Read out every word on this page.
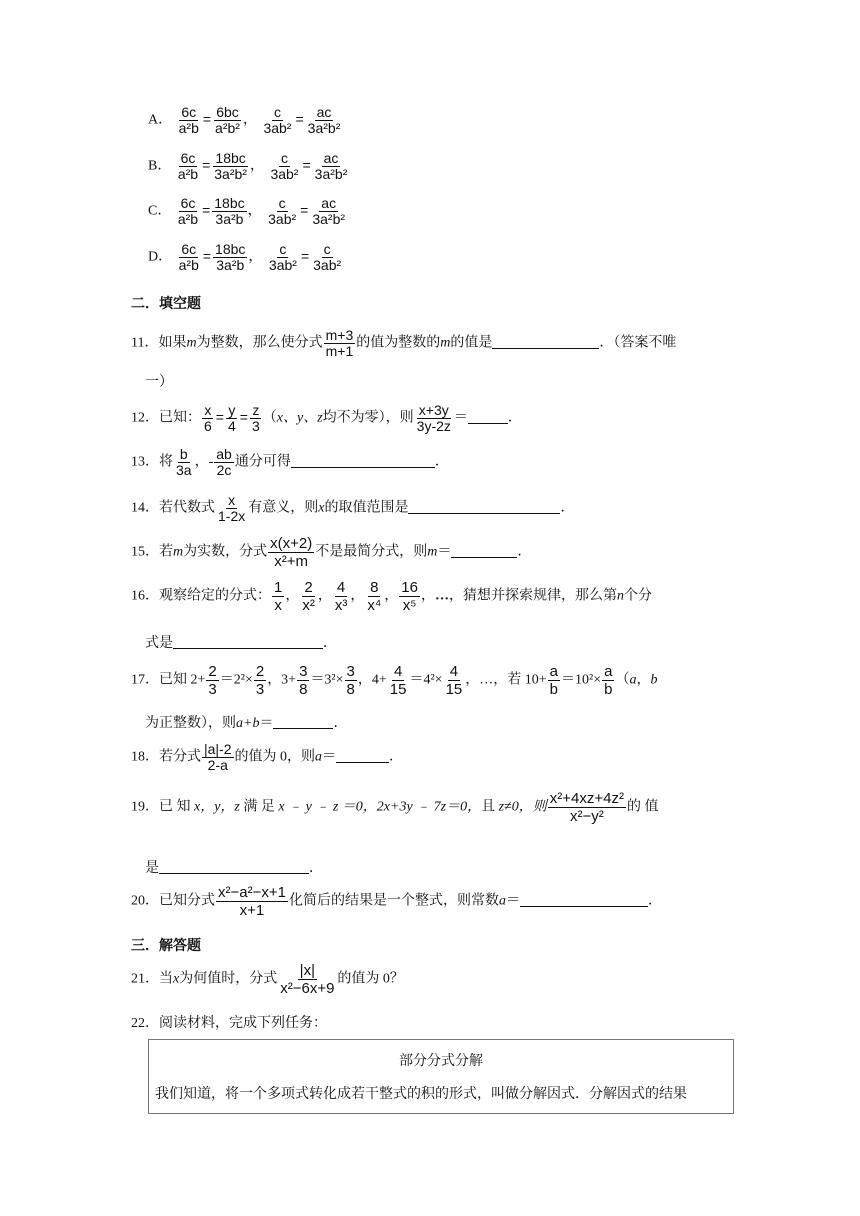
A． $\frac{6c}{\text{a²b}} = \frac{6bc}{\text{a²b²}}$ ， $\frac{c}{\text{3ab²}} = \frac{ac}{\text{3a²b²}}$
B． $\frac{6c}{\text{a²b}} = \frac{18bc}{\text{3a²b²}}$ ， $\frac{c}{\text{3ab²}} = \frac{ac}{\text{3a²b²}}$
C． $\frac{6c}{\text{a²b}} = \frac{18bc}{\text{3a²b}}$ ， $\frac{c}{\text{3ab²}} = \frac{ac}{\text{3a²b²}}$
D． $\frac{6c}{\text{a²b}} = \frac{18bc}{\text{3a²b}}$ ， $\frac{c}{\text{3ab²}} = \frac{c}{\text{3ab²}}$
二．填空题
11．如果m为整数，那么使分式 $\frac{m+3}{m+1}$ 的值为整数的m的值是	．（答案不唯
一）
12．已知： $\frac{x}{6} = \frac{y}{4} = \frac{z}{3} (x$、y、z均不为零），则 $\frac{x+3y}{3y-2z}$ ＝	．
13．将 $\frac{b}{3a}$ ，- $\frac{ab}{2c}$ 通分可得	．
14．若代数式 $\frac{x}{1-2x}$ 有意义，则x的取值范围是	．
15．若m为实数，分式 $\frac{x(x+2)}{\text{x²+m}}$ 不是最简分式，则m＝	．
16．观察给定的分式： $\frac{1}{x}$ ， $\frac{2}{\text{x²}}$ ， $\frac{4}{\text{x³}}$ ， $\frac{8}{\text{x⁴}}$ ， $\frac{16}{\text{x⁵}}$ ，…，猜想并探索规律，那么第n个分
式是	．
17．已知 $2+ \frac{2}{3} =2^2\times \frac{2}{3}$ ，$3+ \frac{3}{8} =3^2\times \frac{3}{8}$ ，$4+ \frac{4}{15} =4^2\times \frac{4}{15}$ ，…，若 $10+ \frac{a}{b} =10^2\times \frac{a}{b} (a$，b
为正整数），则a+b＝	．
18．若分式 $\frac{|a|-2}{2-a}$ 的值为 0，则a＝	．
19．已 知 x，y，z 满 足 x ﹣ y ﹣ z ＝0，2x+3y ﹣ 7z＝0，且 z≠0，则 $\frac{\text{x²+4xz+4z²}}{\text{x²−y²}}$ 的 值
是	．
20．已知分式 $\frac{\text{x²−a²−x+1}}{x+1}$ 化简后的结果是一个整式，则常数a＝	．
三．解答题
21．当x为何值时，分式 $\frac{|x|}{\text{x²−6x+9}}$ 的值为 0？
22．阅读材料，完成下列任务：
部分分式分解
我们知道，将一个多项式转化成若干整式的积的形式，叫做分解因式．分解因式的结果
